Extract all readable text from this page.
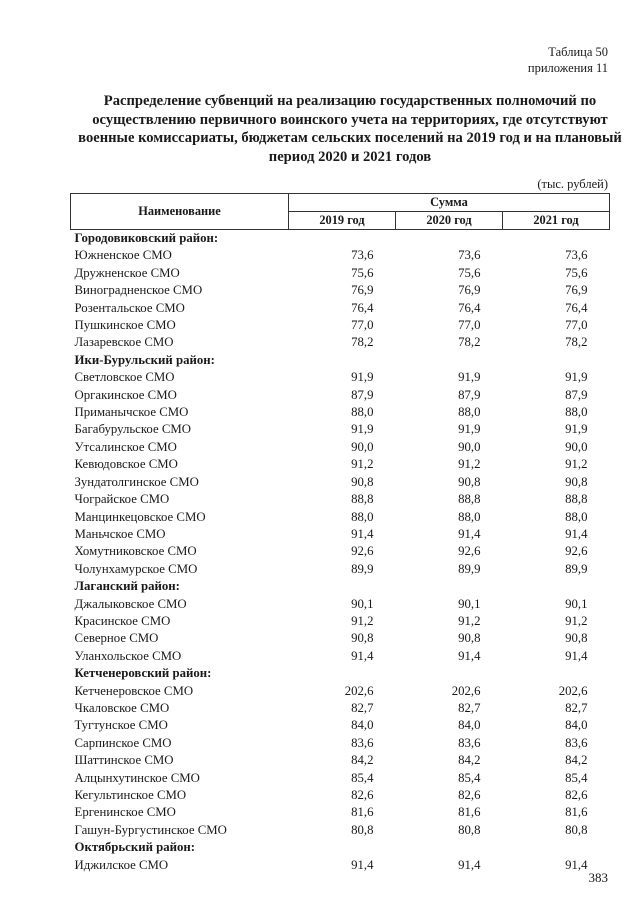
Таблица 50
приложения 11
Распределение субвенций на реализацию государственных полномочий по осуществлению первичного воинского учета на территориях, где отсутствуют военные комиссариаты, бюджетам сельских поселений на 2019 год и на плановый период 2020 и 2021 годов
(тыс. рублей)
Наименование	Сумма		
	2019 год	2020 год	2021 год
Городовиковский район:			
Южненское СМО	73,6	73,6	73,6
Дружненское СМО	75,6	75,6	75,6
Виноградненское СМО	76,9	76,9	76,9
Розентальское СМО	76,4	76,4	76,4
Пушкинское СМО	77,0	77,0	77,0
Лазаревское СМО	78,2	78,2	78,2
Ики-Бурульский район:			
Светловское СМО	91,9	91,9	91,9
Оргакинское СМО	87,9	87,9	87,9
Приманычское СМО	88,0	88,0	88,0
Багабурульское СМО	91,9	91,9	91,9
Утсалинское СМО	90,0	90,0	90,0
Кевюдовское СМО	91,2	91,2	91,2
Зундатолгинское СМО	90,8	90,8	90,8
Чограйское СМО	88,8	88,8	88,8
Манцинкецовское СМО	88,0	88,0	88,0
Маньчское СМО	91,4	91,4	91,4
Хомутниковское СМО	92,6	92,6	92,6
Чолунхамурское СМО	89,9	89,9	89,9
Лаганский район:			
Джалыковское СМО	90,1	90,1	90,1
Красинское СМО	91,2	91,2	91,2
Северное СМО	90,8	90,8	90,8
Уланхольское СМО	91,4	91,4	91,4
Кетченеровский район:			
Кетченеровское СМО	202,6	202,6	202,6
Чкаловское СМО	82,7	82,7	82,7
Тугтунское СМО	84,0	84,0	84,0
Сарпинское СМО	83,6	83,6	83,6
Шаттинское СМО	84,2	84,2	84,2
Алцынхутинское СМО	85,4	85,4	85,4
Кегультинское СМО	82,6	82,6	82,6
Ергенинское СМО	81,6	81,6	81,6
Гашун-Бургустинское СМО	80,8	80,8	80,8
Октябрьский район:			
Иджилское СМО	91,4	91,4	91,4
383
